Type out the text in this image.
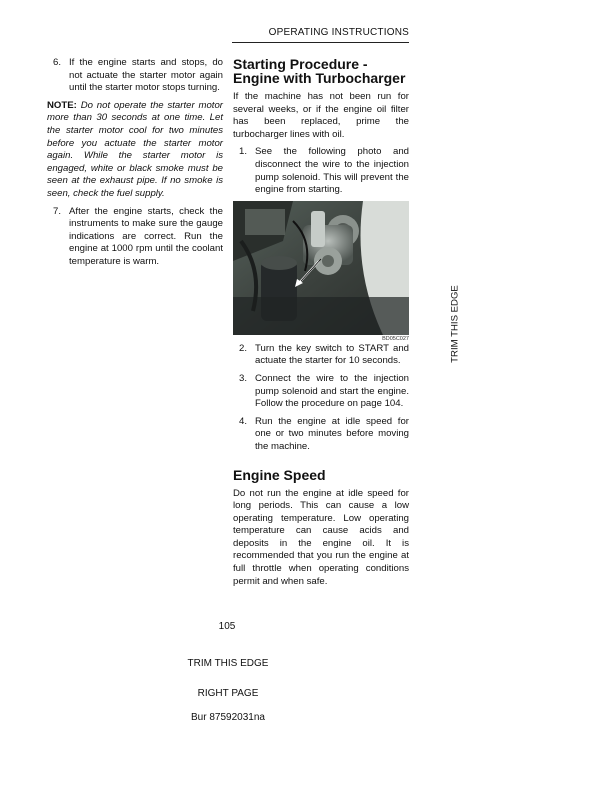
OPERATING INSTRUCTIONS
6. If the engine starts and stops, do not actuate the starter motor again until the starter motor stops turning.
NOTE: Do not operate the starter motor more than 30 seconds at one time. Let the starter motor cool for two minutes before you actuate the starter motor again. While the starter motor is engaged, white or black smoke must be seen at the exhaust pipe. If no smoke is seen, check the fuel supply.
7. After the engine starts, check the instruments to make sure the gauge indications are correct. Run the engine at 1000 rpm until the coolant temperature is warm.
Starting Procedure - Engine with Turbocharger
If the machine has not been run for several weeks, or if the engine oil filter has been replaced, prime the turbocharger lines with oil.
1. See the following photo and disconnect the wire to the injection pump solenoid. This will prevent the engine from starting.
BD05C027
2. Turn the key switch to START and actuate the starter for 10 seconds.
3. Connect the wire to the injection pump solenoid and start the engine. Follow the procedure on page 104.
4. Run the engine at idle speed for one or two minutes before moving the machine.
Engine Speed
Do not run the engine at idle speed for long periods. This can cause a low operating temperature. Low operating temperature can cause acids and deposits in the engine oil. It is recommended that you run the engine at full throttle when operating conditions permit and when safe.
TRIM THIS EDGE
105
TRIM THIS EDGE
RIGHT PAGE
Bur 87592031na
